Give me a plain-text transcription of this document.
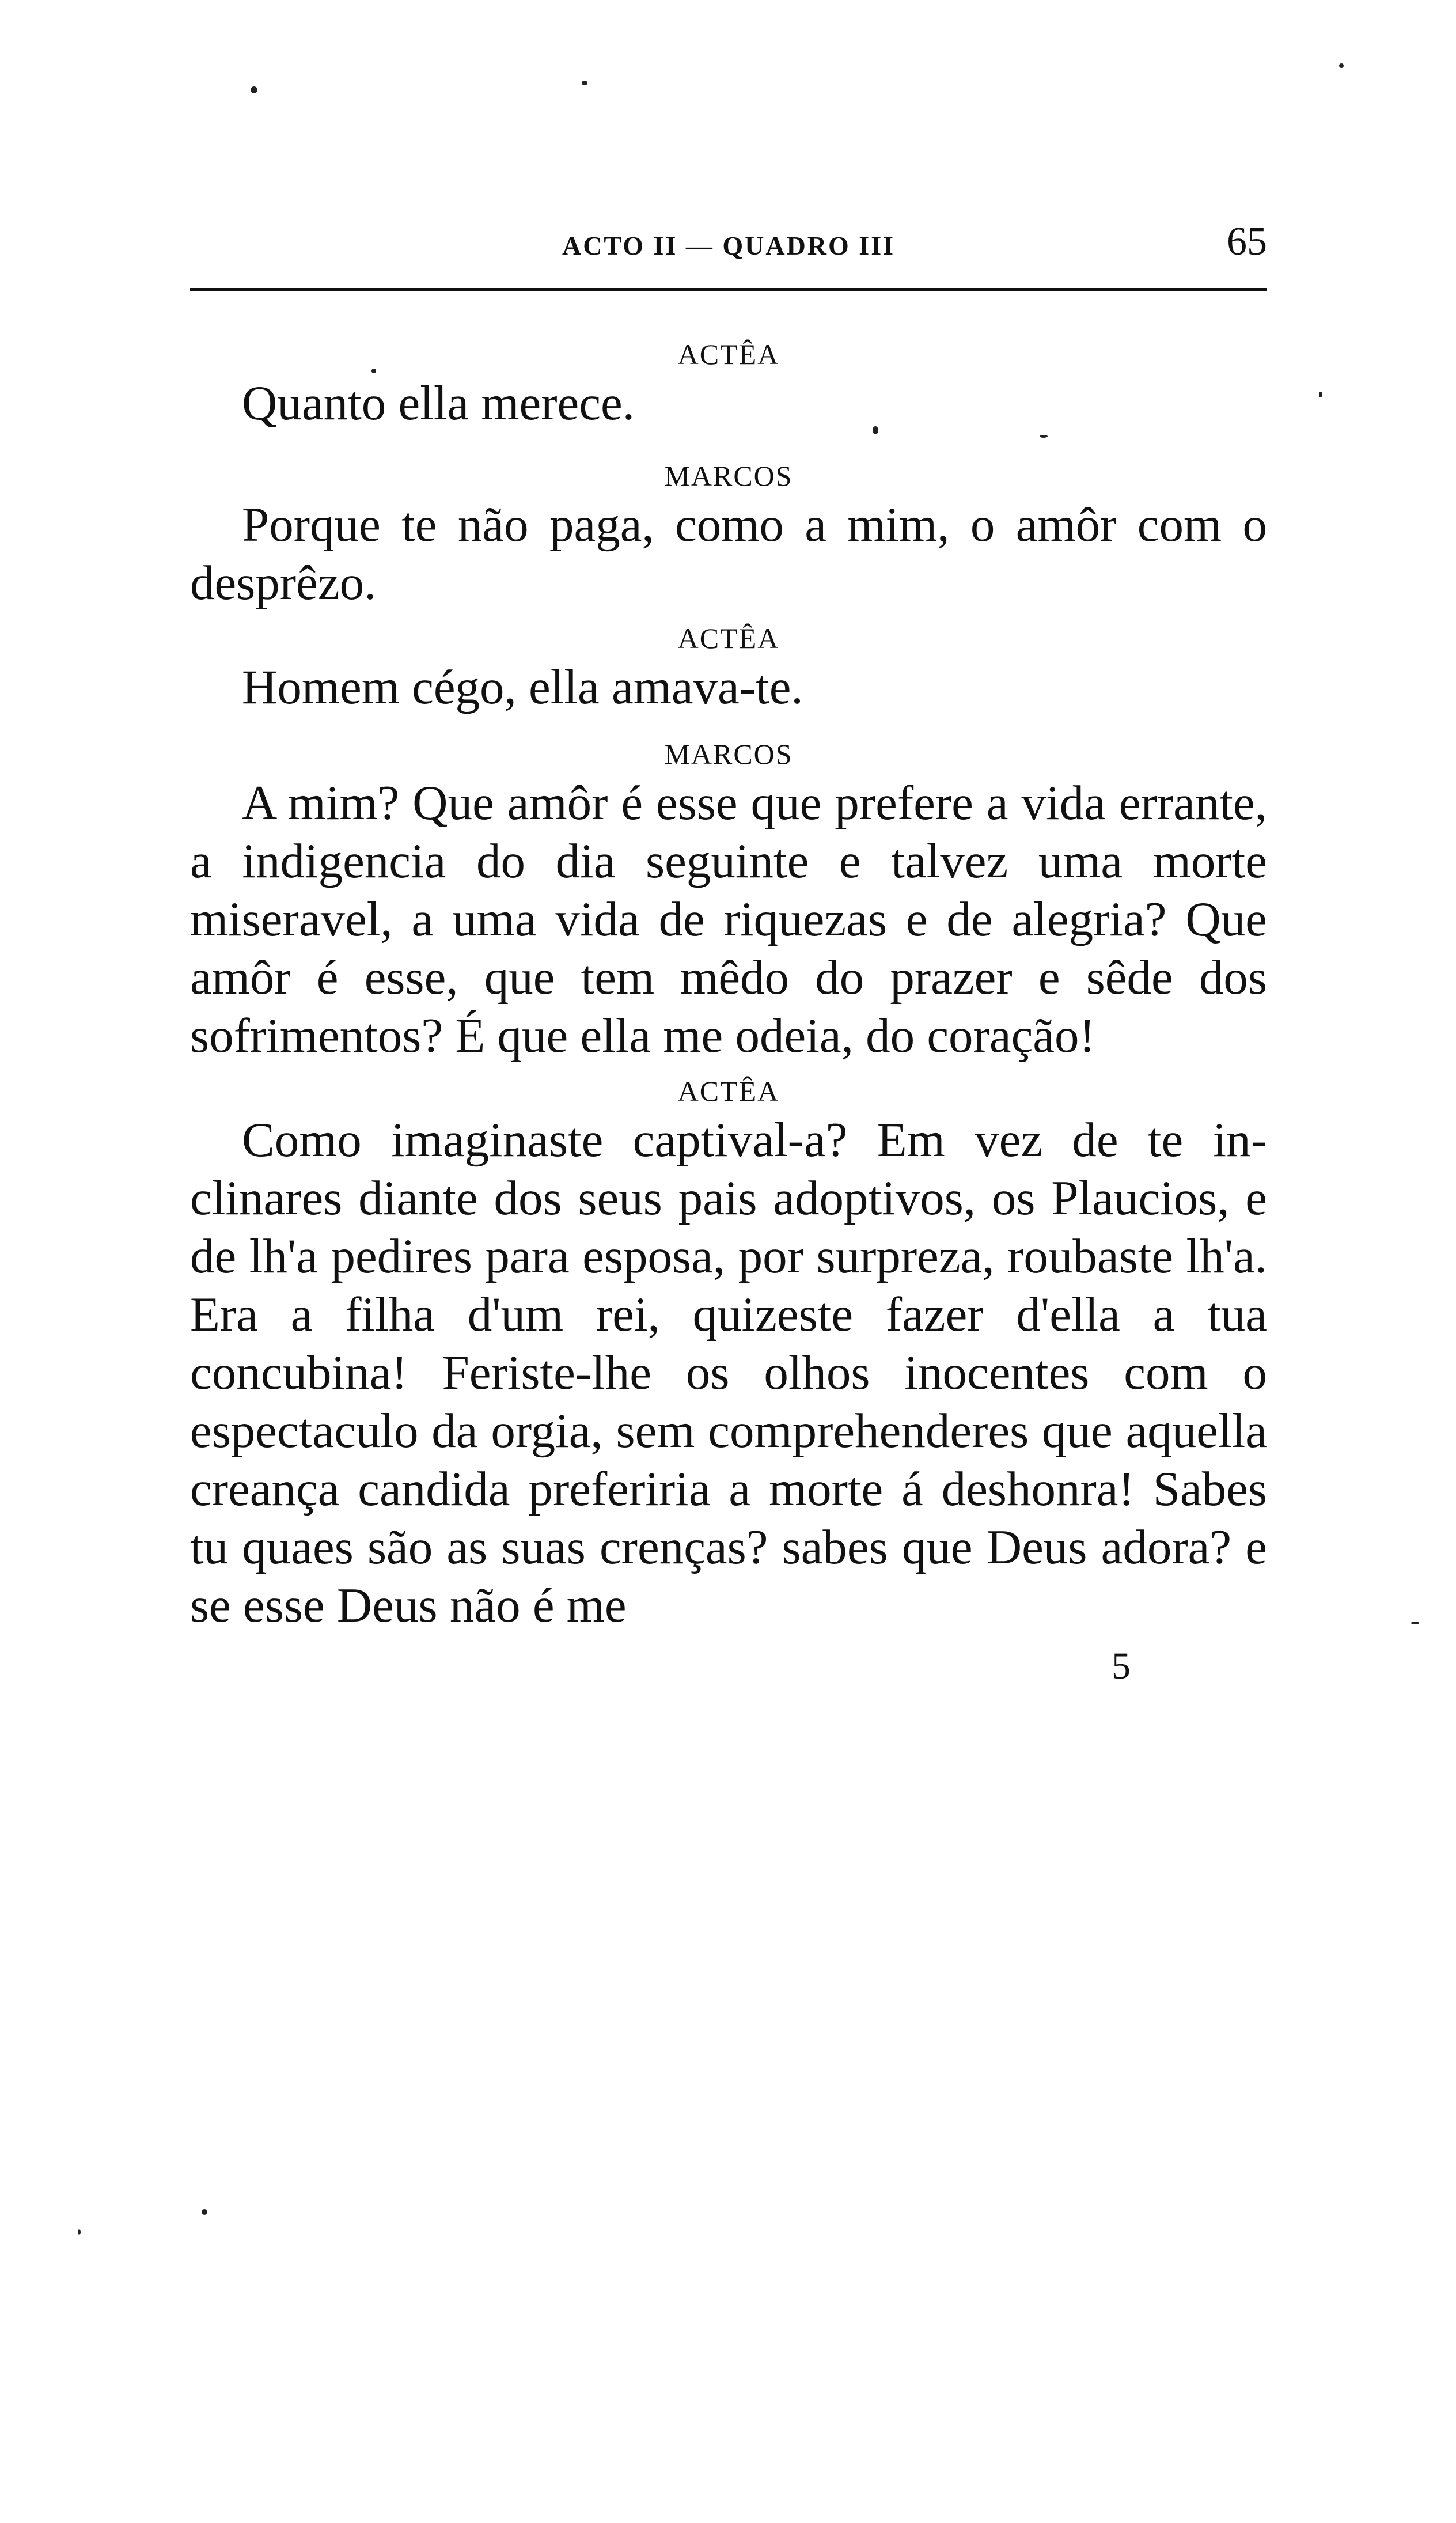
ACTO II — QUADRO III	65

ACTÊA

Quanto ella merece.

MARCOS

Porque te não paga, como a mim, o amôr com o desprêzo.

ACTÊA

Homem cégo, ella amava-te.

MARCOS

A mim? Que amôr é esse que prefere a vida errante, a indigencia do dia seguinte e talvez uma morte miseravel, a uma vida de riquezas e de alegria? Que amôr é esse, que tem mêdo do prazer e sêde dos sofrimentos? É que ella me odeia, do coração!

ACTÊA

Como imaginaste captival-a? Em vez de te inclinares diante dos seus pais adoptivos, os Plaucios, e de lh'a pedires para esposa, por surpreza, roubaste lh'a. Era a filha d'um rei, quizeste fazer d'ella a tua concubina! Feriste-lhe os olhos inocentes com o espectaculo da orgia, sem comprehenderes que aquella creança candida preferiria a morte á deshonra! Sabes tu quaes são as suas crenças? sabes que Deus adora? e se esse Deus não é me

5
